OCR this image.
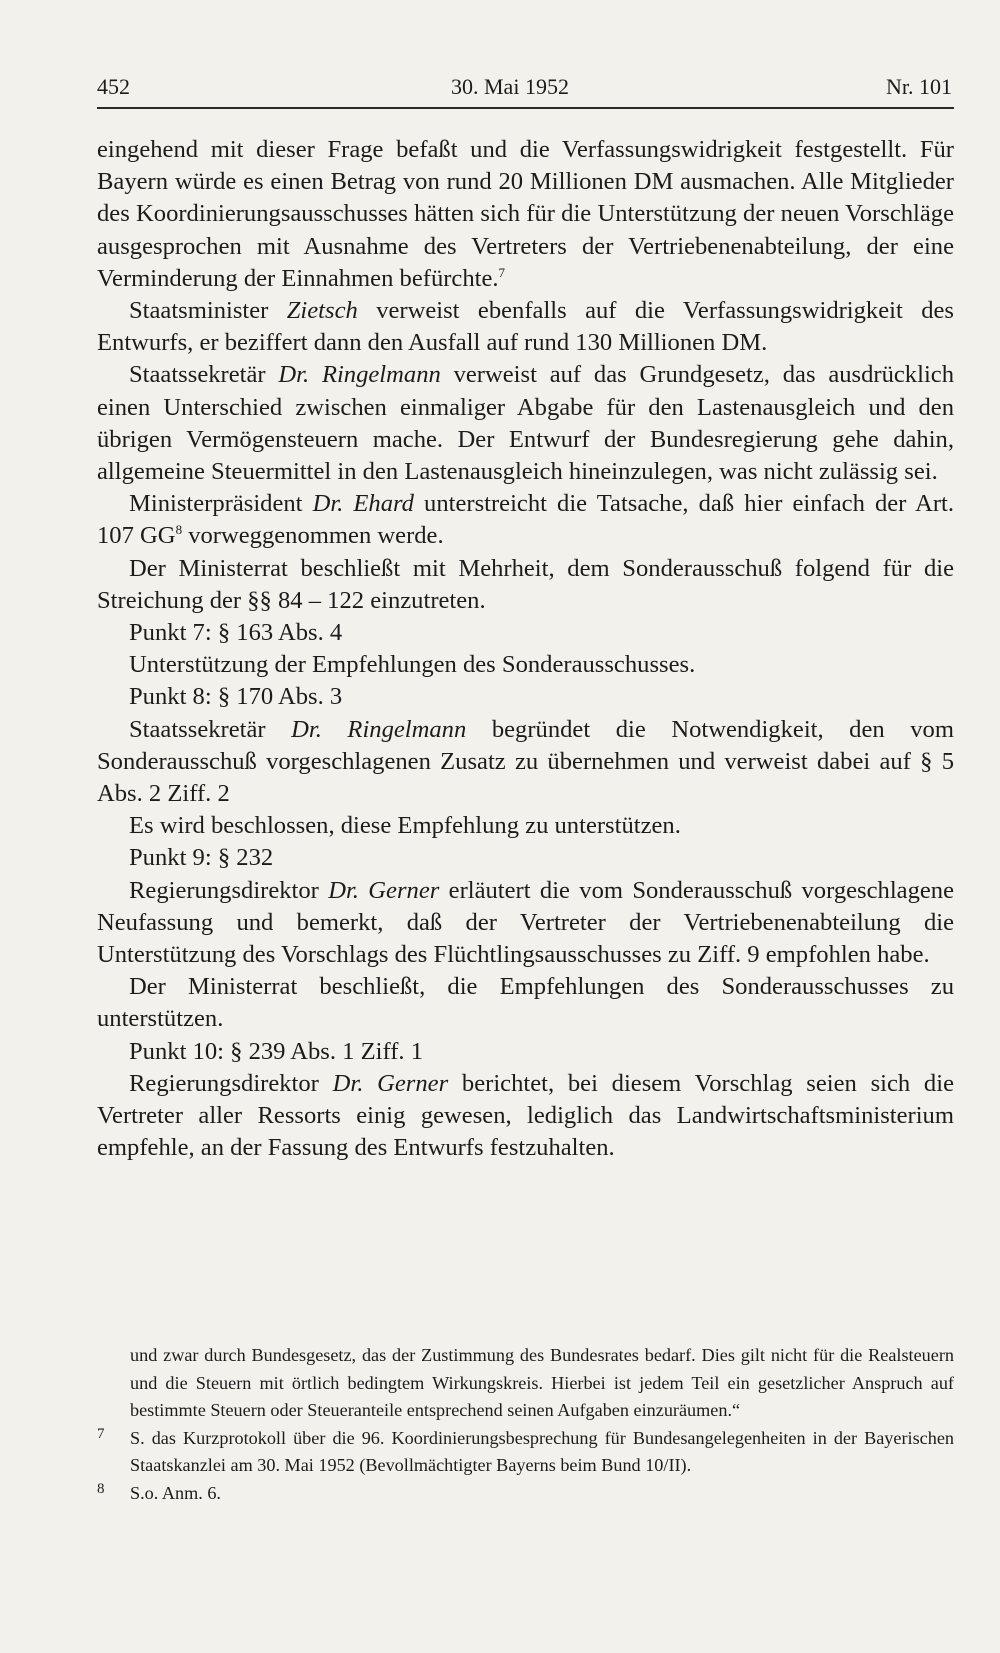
452	30. Mai 1952	Nr. 101

eingehend mit dieser Frage befaßt und die Verfassungswidrigkeit festgestellt. Für Bayern würde es einen Betrag von rund 20 Millionen DM ausmachen. Alle Mitglieder des Koordinierungsausschusses hätten sich für die Unterstützung der neuen Vorschläge ausgesprochen mit Ausnahme des Vertreters der Vertriebenenabteilung, der eine Verminderung der Einnahmen befürchte.$^7$

Staatsminister Zietsch verweist ebenfalls auf die Verfassungswidrigkeit des Entwurfs, er beziffert dann den Ausfall auf rund 130 Millionen DM.

Staatssekretär Dr. Ringelmann verweist auf das Grundgesetz, das ausdrücklich einen Unterschied zwischen einmaliger Abgabe für den Lastenausgleich und den übrigen Vermögensteuern mache. Der Entwurf der Bundesregierung gehe dahin, allgemeine Steuermittel in den Lastenausgleich hineinzulegen, was nicht zulässig sei.

Ministerpräsident Dr. Ehard unterstreicht die Tatsache, daß hier einfach der Art. 107 $GG^8$ vorweggenommen werde.

Der Ministerrat beschließt mit Mehrheit, dem Sonderausschuß folgend für die Streichung der §§ 84 – 122 einzutreten.

Punkt 7: § 163 Abs. 4

Unterstützung der Empfehlungen des Sonderausschusses.

Punkt 8: § 170 Abs. 3

Staatssekretär Dr. Ringelmann begründet die Notwendigkeit, den vom Sonderausschuß vorgeschlagenen Zusatz zu übernehmen und verweist dabei auf § 5 Abs. 2 Ziff. 2

Es wird beschlossen, diese Empfehlung zu unterstützen.

Punkt 9: § 232

Regierungsdirektor Dr. Gerner erläutert die vom Sonderausschuß vorgeschlagene Neufassung und bemerkt, daß der Vertreter der Vertriebenenabteilung die Unterstützung des Vorschlags des Flüchtlingsausschusses zu Ziff. 9 empfohlen habe.

Der Ministerrat beschließt, die Empfehlungen des Sonderausschusses zu unterstützen.

Punkt 10: § 239 Abs. 1 Ziff. 1

Regierungsdirektor Dr. Gerner berichtet, bei diesem Vorschlag seien sich die Vertreter aller Ressorts einig gewesen, lediglich das Landwirtschaftsministerium empfehle, an der Fassung des Entwurfs festzuhalten.

und zwar durch Bundesgesetz, das der Zustimmung des Bundesrates bedarf. Dies gilt nicht für die Realsteuern und die Steuern mit örtlich bedingtem Wirkungskreis. Hierbei ist jedem Teil ein gesetzlicher Anspruch auf bestimmte Steuern oder Steueranteile entsprechend seinen Aufgaben einzuräumen.“

7 S. das Kurzprotokoll über die 96. Koordinierungsbesprechung für Bundesangelegenheiten in der Bayerischen Staatskanzlei am 30. Mai 1952 (Bevollmächtigter Bayerns beim Bund 10/II).

8 S.o. Anm. 6.
